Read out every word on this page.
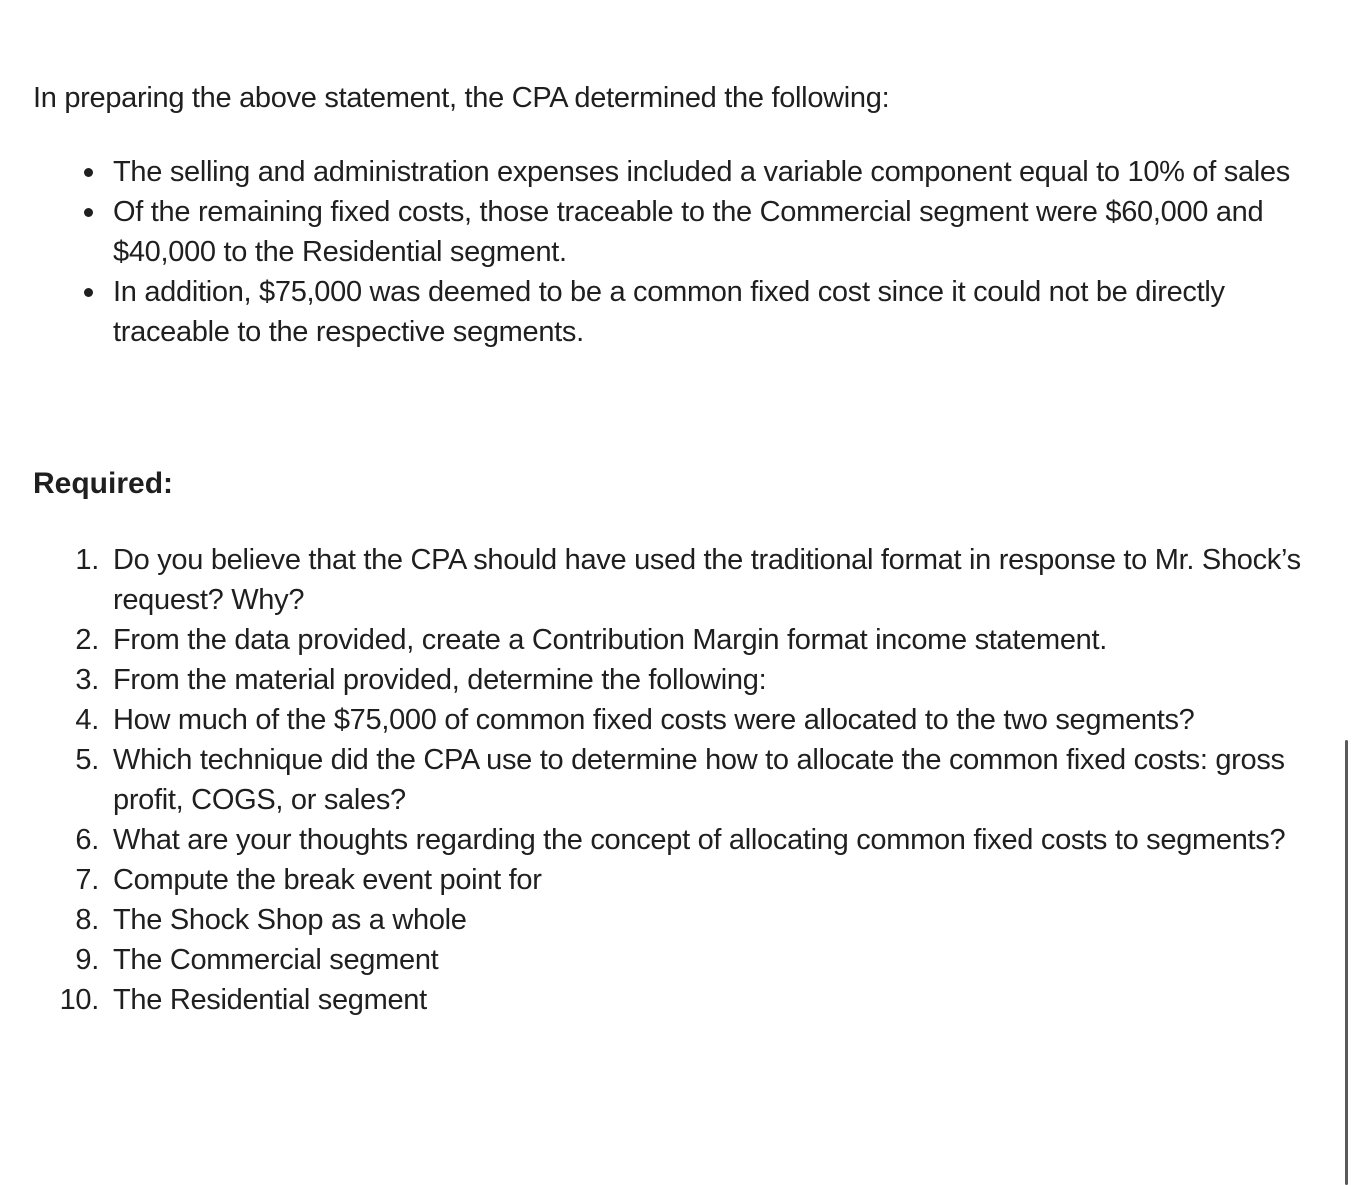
In preparing the above statement, the CPA determined the following:

The selling and administration expenses included a variable component equal to 10% of sales
Of the remaining fixed costs, those traceable to the Commercial segment were $60,000 and $40,000 to the Residential segment.
In addition, $75,000 was deemed to be a common fixed cost since it could not be directly traceable to the respective segments.

Required:

1. Do you believe that the CPA should have used the traditional format in response to Mr. Shock’s request? Why?
2. From the data provided, create a Contribution Margin format income statement.
3. From the material provided, determine the following:
4. How much of the $75,000 of common fixed costs were allocated to the two segments?
5. Which technique did the CPA use to determine how to allocate the common fixed costs: gross profit, COGS, or sales?
6. What are your thoughts regarding the concept of allocating common fixed costs to segments?
7. Compute the break event point for
8. The Shock Shop as a whole
9. The Commercial segment
10. The Residential segment
